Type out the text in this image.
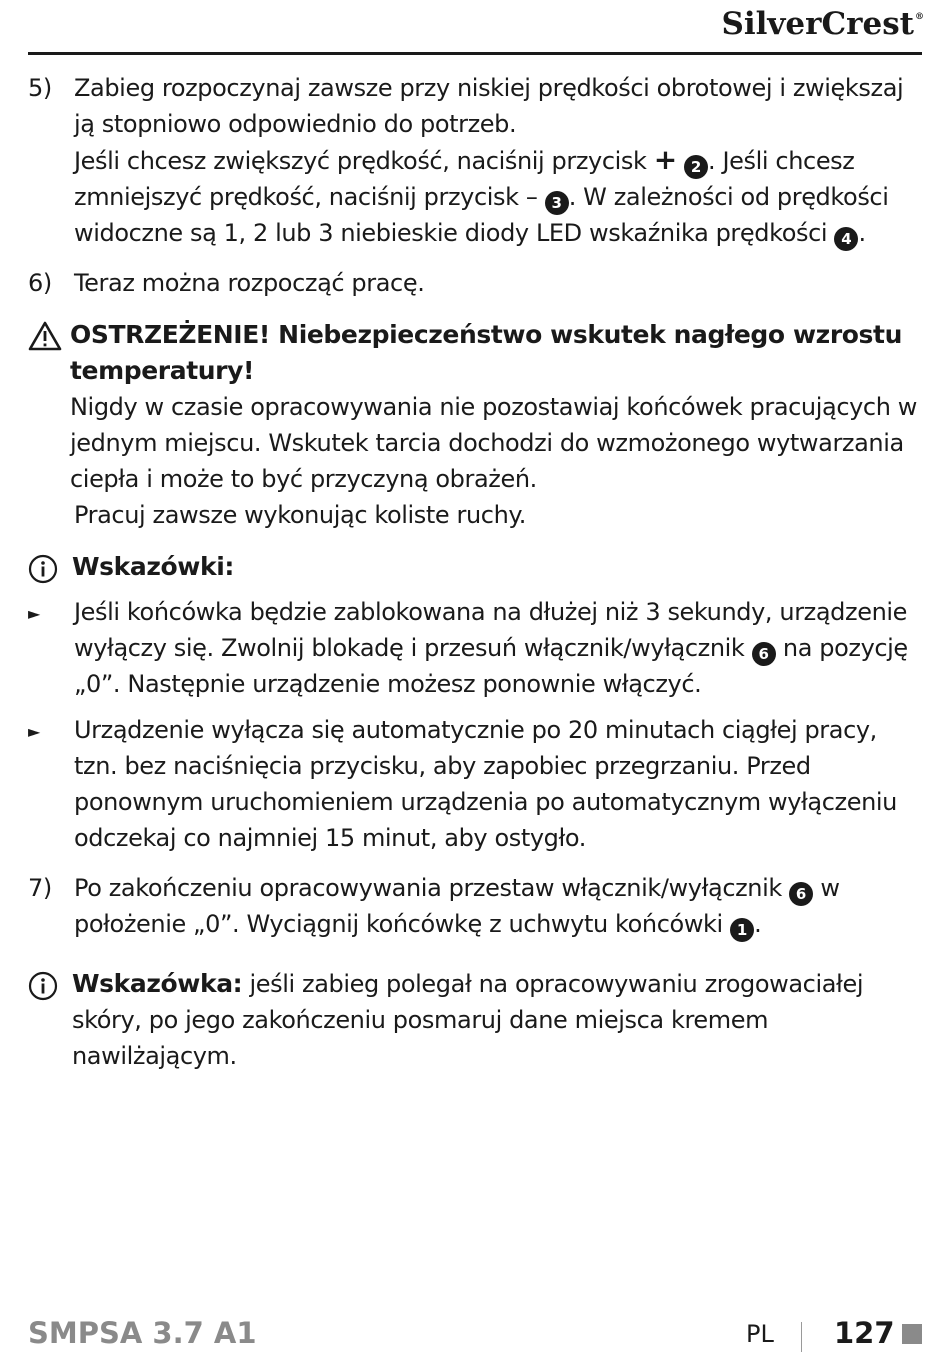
SilverCrest®
5) Zabieg rozpoczynaj zawsze przy niskiej prędkości obrotowej i zwiększaj ją stopniowo odpowiednio do potrzeb.
Jeśli chcesz zwiększyć prędkość, naciśnij przycisk + 2 . Jeśli chcesz zmniejszyć prędkość, naciśnij przycisk – 3 . W zależności od prędkości widoczne są 1, 2 lub 3 niebieskie diody LED wskaźnika prędkości 4 .
6) Teraz można rozpocząć pracę.
OSTRZEŻENIE! Niebezpieczeństwo wskutek nagłego wzrostu temperatury!
Nigdy w czasie opracowywania nie pozostawiaj końcówek pracujących w jednym miejscu. Wskutek tarcia dochodzi do wzmożonego wytwarzania ciepła i może to być przyczyną obrażeń.
Pracuj zawsze wykonując koliste ruchy.
Wskazówki:
►	Jeśli końcówka będzie zablokowana na dłużej niż 3 sekundy, urządzenie wyłączy się. Zwolnij blokadę i przesuń włącznik/wyłącznik 6 na pozycję „0”. Następnie urządzenie możesz ponownie włączyć.
►	Urządzenie wyłącza się automatycznie po 20 minutach ciągłej pracy, tzn. bez naciśnięcia przycisku, aby zapobiec przegrzaniu. Przed ponownym uruchomieniem urządzenia po automatycznym wyłączeniu odczekaj co najmniej 15 minut, aby ostygło.
7) Po zakończeniu opracowywania przestaw włącznik/wyłącznik 6 w położenie „0”. Wyciągnij końcówkę z uchwytu końcówki 1 .
Wskazówka: jeśli zabieg polegał na opracowywaniu zrogowaciałej skóry, po jego zakończeniu posmaruj dane miejsca kremem nawilżającym.
SMPSA 3.7 A1	PL 127
